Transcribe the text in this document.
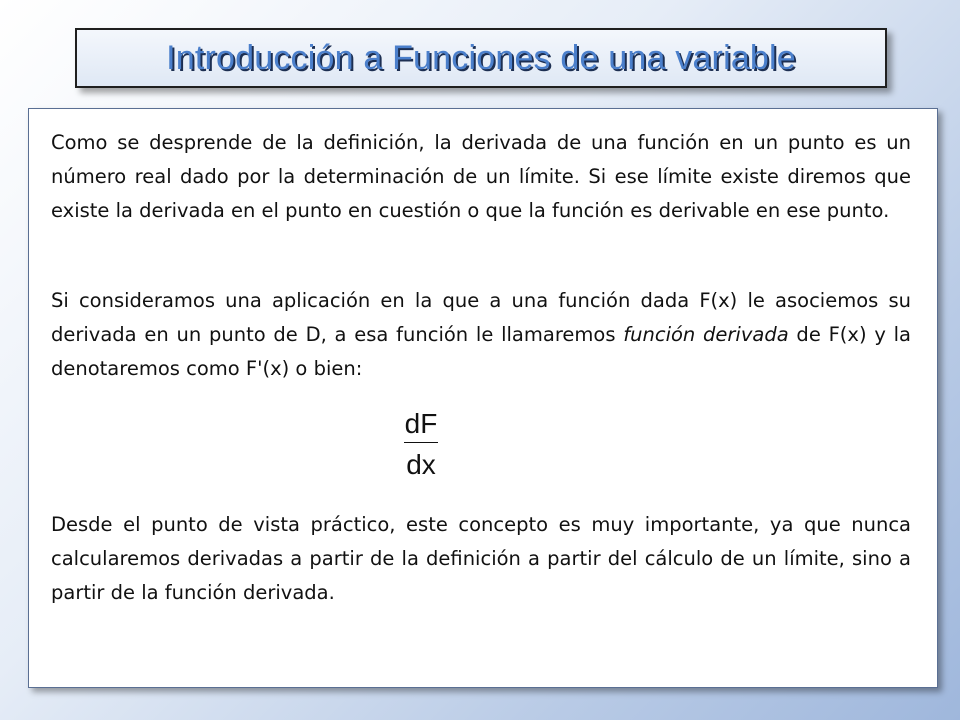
Introducción a Funciones de una variable

Como se desprende de la definición, la derivada de una función en un punto es un número real dado por la determinación de un límite. Si ese límite existe diremos que existe la derivada en el punto en cuestión o que la función es derivable en ese punto.

Si consideramos una aplicación en la que a una función dada F(x) le asociemos su derivada en un punto de D, a esa función le llamaremos función derivada de F(x) y la denotaremos como F'(x) o bien:

dF
dx

Desde el punto de vista práctico, este concepto es muy importante, ya que nunca calcularemos derivadas a partir de la definición a partir del cálculo de un límite, sino a partir de la función derivada.
